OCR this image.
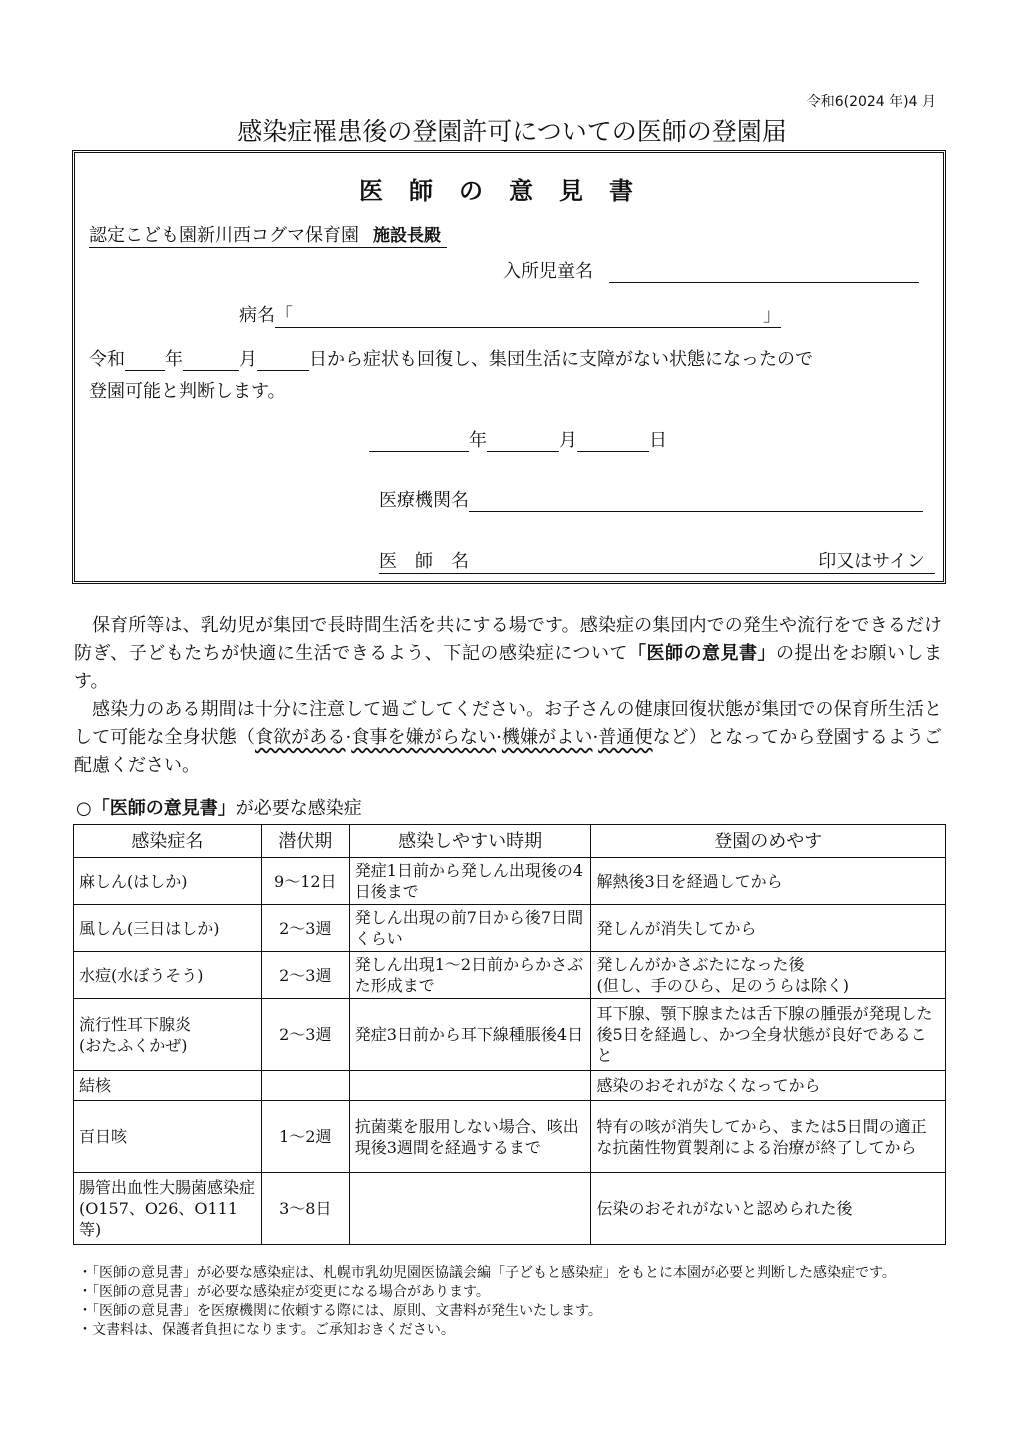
令和6(2024 年)4 月
感染症罹患後の登園許可についての医師の登園届
医師の意見書
認定こども園新川西コグマ保育園 施設長殿
入所児童名
病名「	」
令和 年	月	日から症状も回復し、集団生活に支障がない状態になったので
登園可能と判断します。
年	月	日
医療機関名
医　師　名	印又はサイン
保育所等は、乳幼児が集団で長時間生活を共にする場です。感染症の集団内での発生や流行をできるだけ防ぎ、子どもたちが快適に生活できるよう、下記の感染症について「医師の意見書」の提出をお願いします。
感染力のある期間は十分に注意して過ごしてください。お子さんの健康回復状態が集団での保育所生活として可能な全身状態（食欲がある·食事を嫌がらない·機嫌がよい·普通便など）となってから登園するようご配慮ください。
○「医師の意見書」が必要な感染症
感染症名	潜伏期	感染しやすい時期	登園のめやす
麻しん(はしか)	9〜12日	発症1日前から発しん出現後の4日後まで	解熱後3日を経過してから
風しん(三日はしか)	2〜3週	発しん出現の前7日から後7日間くらい	発しんが消失してから
水痘(水ぼうそう)	2〜3週	発しん出現1〜2日前からかさぶた形成まで	発しんがかさぶたになった後
(但し、手のひら、足のうらは除く)
流行性耳下腺炎
(おたふくかぜ)	2〜3週	発症3日前から耳下線種脹後4日	耳下腺、顎下腺または舌下腺の腫張が発現した後5日を経過し、かつ全身状態が良好であること
結核			感染のおそれがなくなってから
百日咳	1〜2週	抗菌薬を服用しない場合、咳出現後3週間を経過するまで	特有の咳が消失してから、または5日間の適正な抗菌性物質製剤による治療が終了してから
腸管出血性大腸菌感染症(O157、O26、O111等)	3〜8日		伝染のおそれがないと認められた後
・「医師の意見書」が必要な感染症は、札幌市乳幼児園医協議会編「子どもと感染症」をもとに本園が必要と判断した感染症です。
・「医師の意見書」が必要な感染症が変更になる場合があります。
・「医師の意見書」を医療機関に依頼する際には、原則、文書料が発生いたします。
・文書料は、保護者負担になります。ご承知おきください。
